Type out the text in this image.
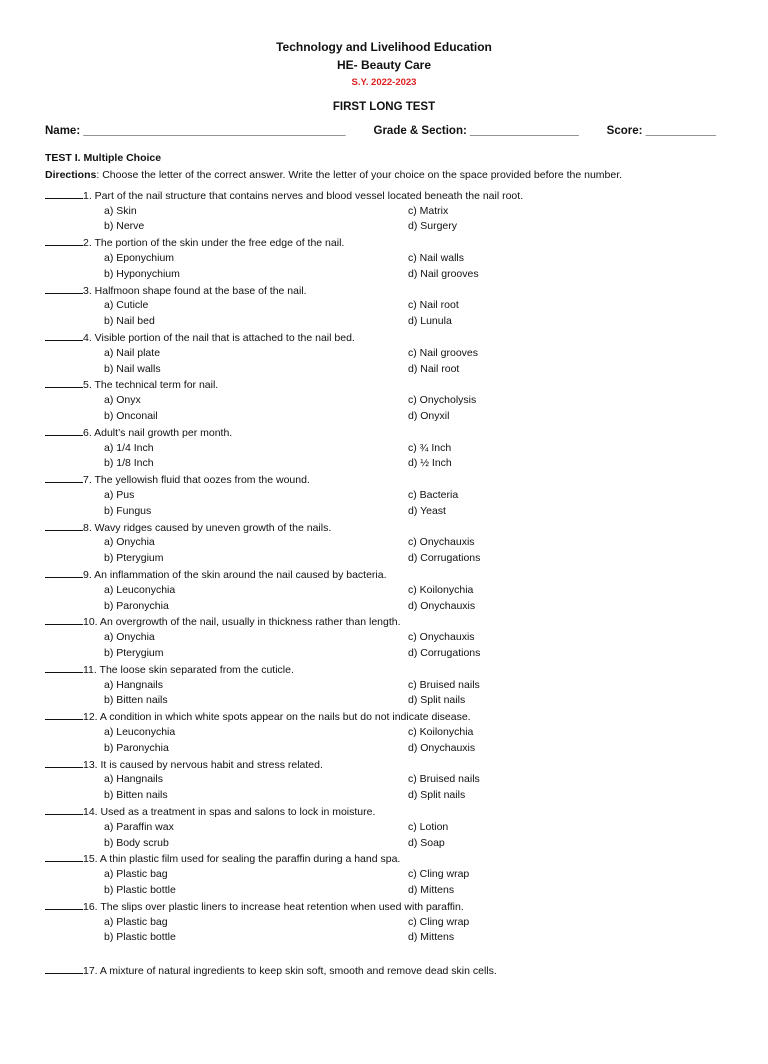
Technology and Livelihood Education

HE- Beauty Care

S.Y. 2022-2023

FIRST LONG TEST

Name: _________________________________________ Grade & Section: _________________ Score: ___________
TEST I. Multiple Choice
Directions: Choose the letter of the correct answer. Write the letter of your choice on the space provided before the number.
1. Part of the nail structure that contains nerves and blood vessel located beneath the nail root.
a) Skin	c) Matrix
b) Nerve	d) Surgery
2. The portion of the skin under the free edge of the nail.
a) Eponychium	c) Nail walls
b) Hyponychium	d) Nail grooves
3. Halfmoon shape found at the base of the nail.
a) Cuticle	c) Nail root
b) Nail bed	d) Lunula
4. Visible portion of the nail that is attached to the nail bed.
a) Nail plate	c) Nail grooves
b) Nail walls	d) Nail root
5. The technical term for nail.
a) Onyx	c) Onycholysis
b) Onconail	d) Onyxil
6. Adult’s nail growth per month.
a) 1/4 Inch	c) ¾ Inch
b) 1/8 Inch	d) ½ Inch
7. The yellowish fluid that oozes from the wound.
a) Pus	c) Bacteria
b) Fungus	d) Yeast
8. Wavy ridges caused by uneven growth of the nails.
a) Onychia	c) Onychauxis
b) Pterygium	d) Corrugations
9. An inflammation of the skin around the nail caused by bacteria.
a) Leuconychia	c) Koilonychia
b) Paronychia	d) Onychauxis
10. An overgrowth of the nail, usually in thickness rather than length.
a) Onychia	c) Onychauxis
b) Pterygium	d) Corrugations
11. The loose skin separated from the cuticle.
a) Hangnails	c) Bruised nails
b) Bitten nails	d) Split nails
12. A condition in which white spots appear on the nails but do not indicate disease.
a) Leuconychia	c) Koilonychia
b) Paronychia	d) Onychauxis
13. It is caused by nervous habit and stress related.
a) Hangnails	c) Bruised nails
b) Bitten nails	d) Split nails
14. Used as a treatment in spas and salons to lock in moisture.
a) Paraffin wax	c) Lotion
b) Body scrub	d) Soap
15. A thin plastic film used for sealing the paraffin during a hand spa.
a) Plastic bag	c) Cling wrap
b) Plastic bottle	d) Mittens
16. The slips over plastic liners to increase heat retention when used with paraffin.
a) Plastic bag	c) Cling wrap
b) Plastic bottle	d) Mittens
17. A mixture of natural ingredients to keep skin soft, smooth and remove dead skin cells.
